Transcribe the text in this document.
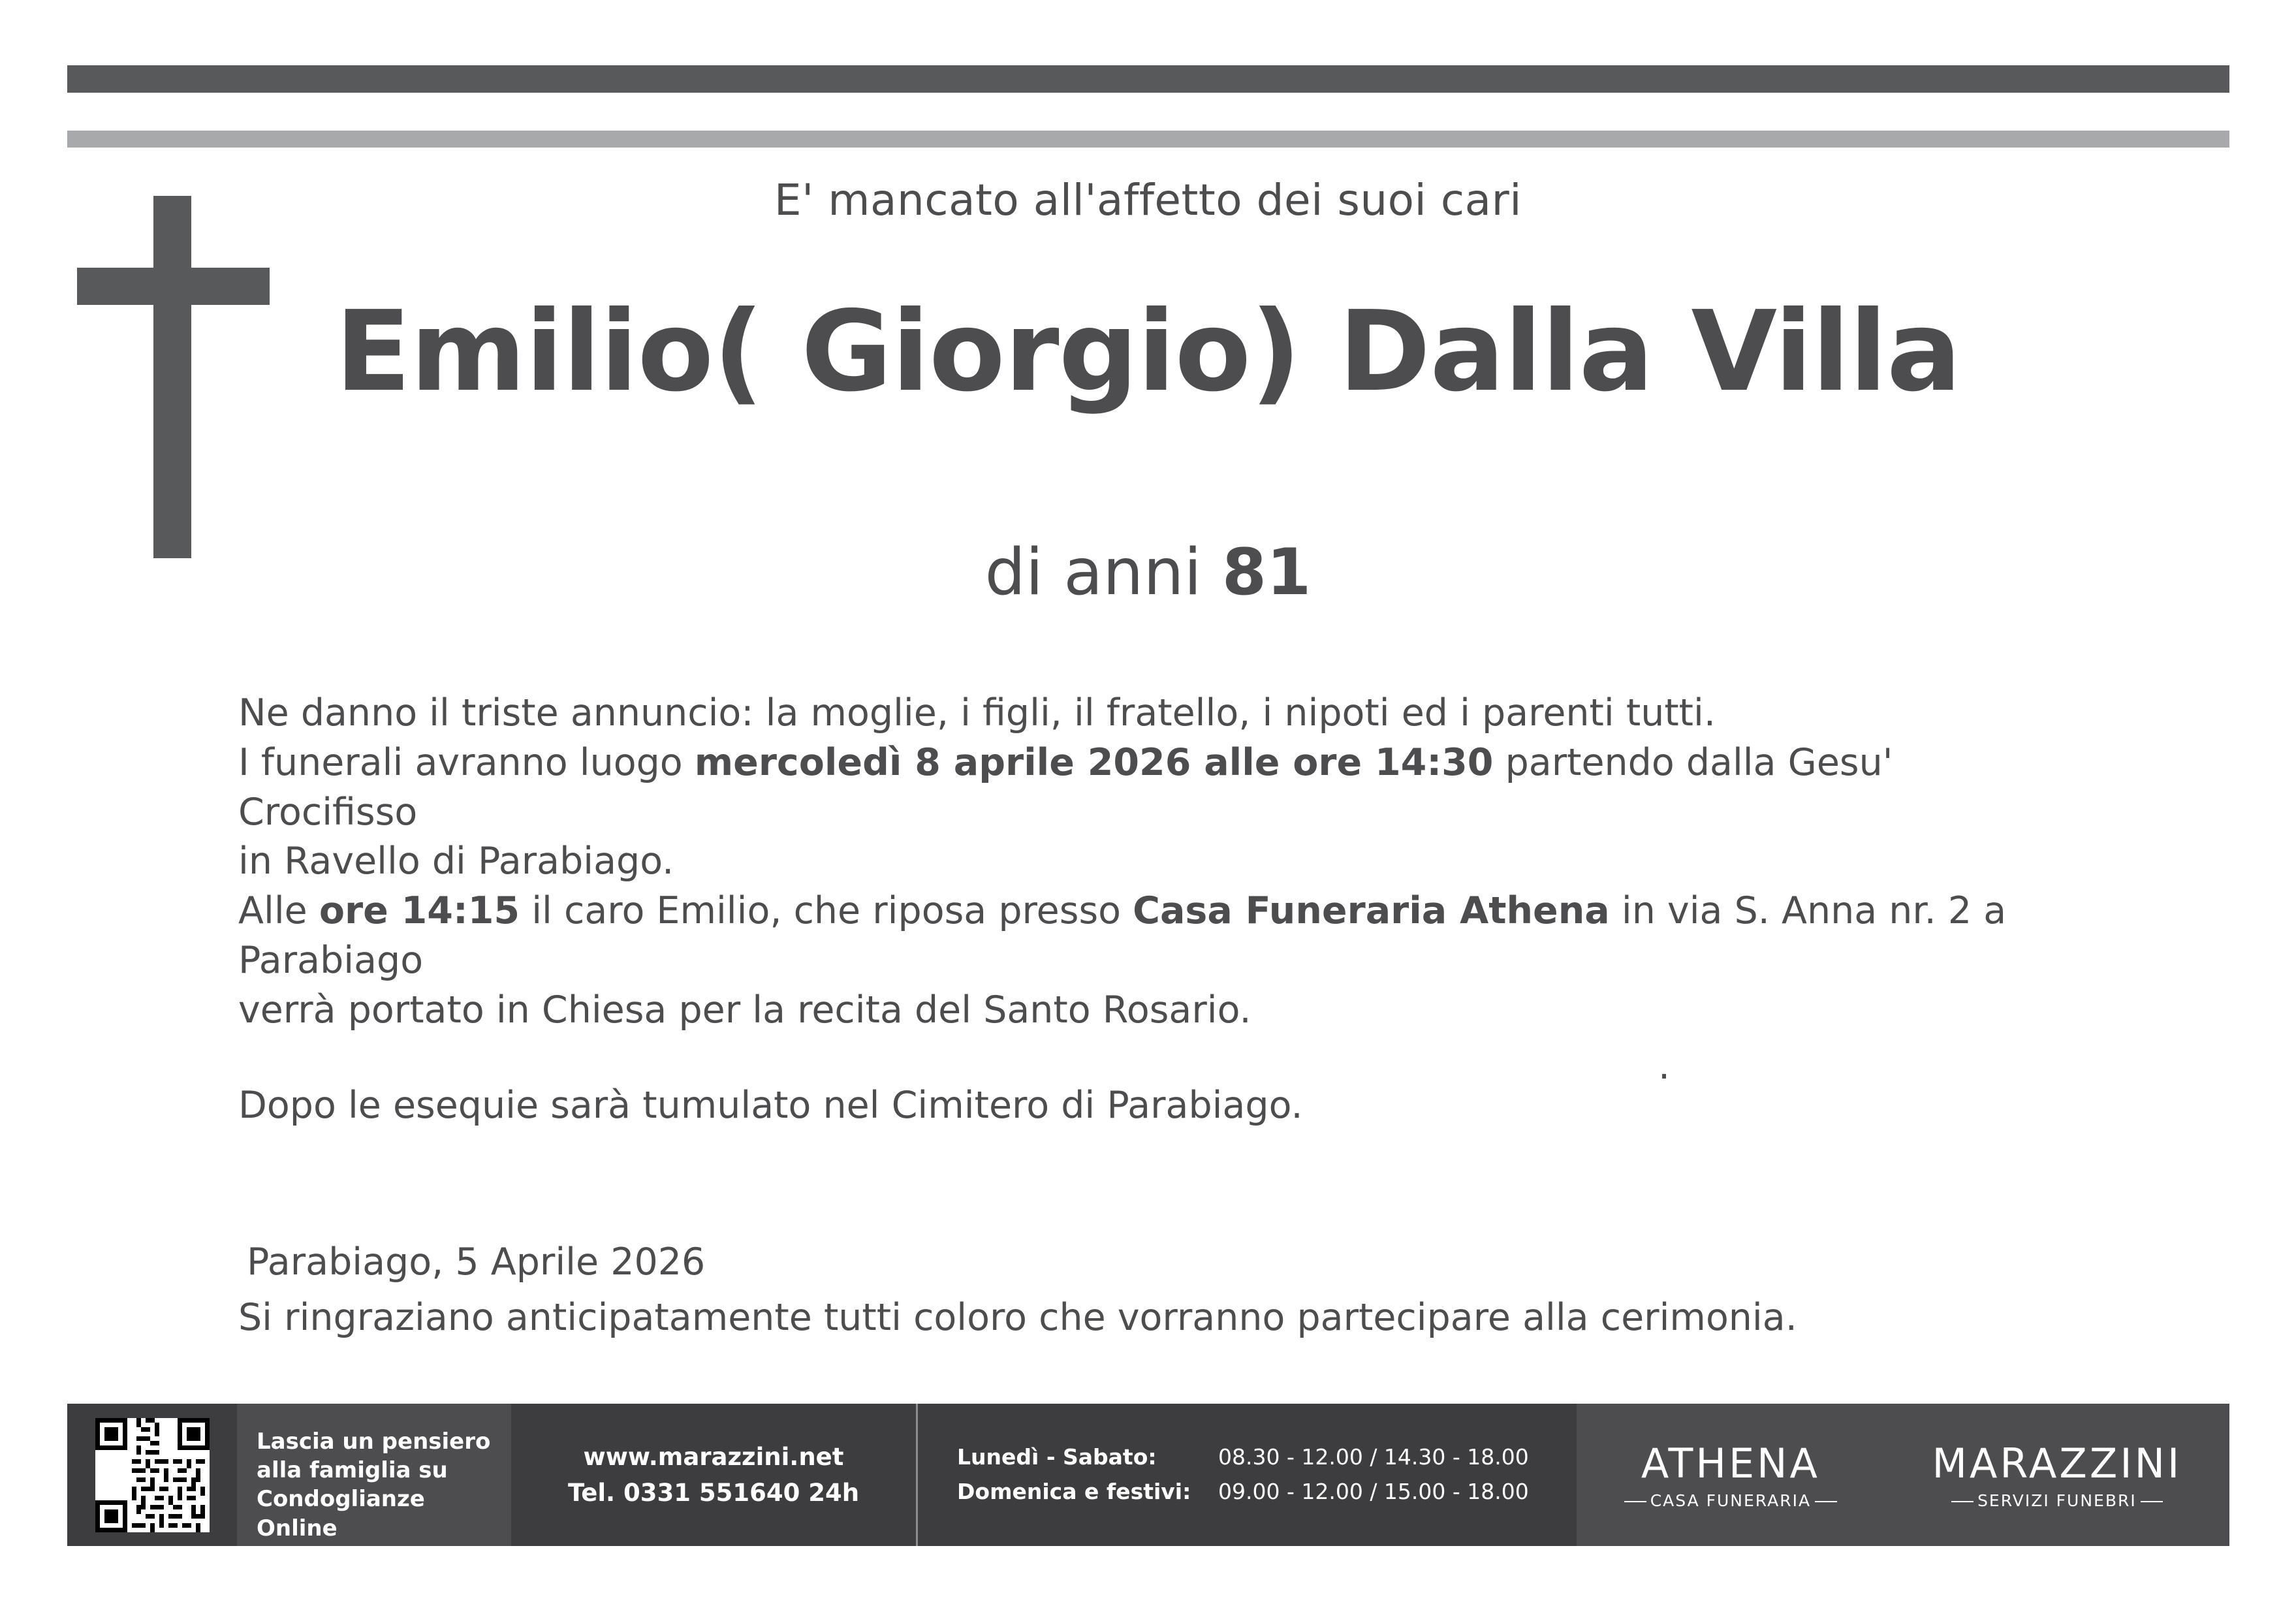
E' mancato all'affetto dei suoi cari
Emilio( Giorgio) Dalla Villa
di anni 81

Ne danno il triste annuncio: la moglie, i figli, il fratello, i nipoti ed i parenti tutti.

I funerali avranno luogo mercoledì 8 aprile 2026 alle ore 14:30 partendo dalla Gesu' Crocifisso

in Ravello di Parabiago.

Alle ore 14:15 il caro Emilio, che riposa presso Casa Funeraria Athena in via S. Anna nr. 2 a Parabiago

verrà portato in Chiesa per la recita del Santo Rosario.

Dopo le esequie sarà tumulato nel Cimitero di Parabiago.

.
Parabiago, 5 Aprile 2026
Si ringraziano anticipatamente tutti coloro che vorranno partecipare alla cerimonia.
Lascia un pensiero
alla famiglia su
Condoglianze
Online
www.marazzini.net
Tel. 0331 551640 24h
Lunedì - Sabato:	08.30 - 12.00 / 14.30 - 18.00
Domenica e festivi:	09.00 - 12.00 / 15.00 - 18.00
ATHENA
CASA FUNERARIA
MARAZZINI
SERVIZI FUNEBRI
